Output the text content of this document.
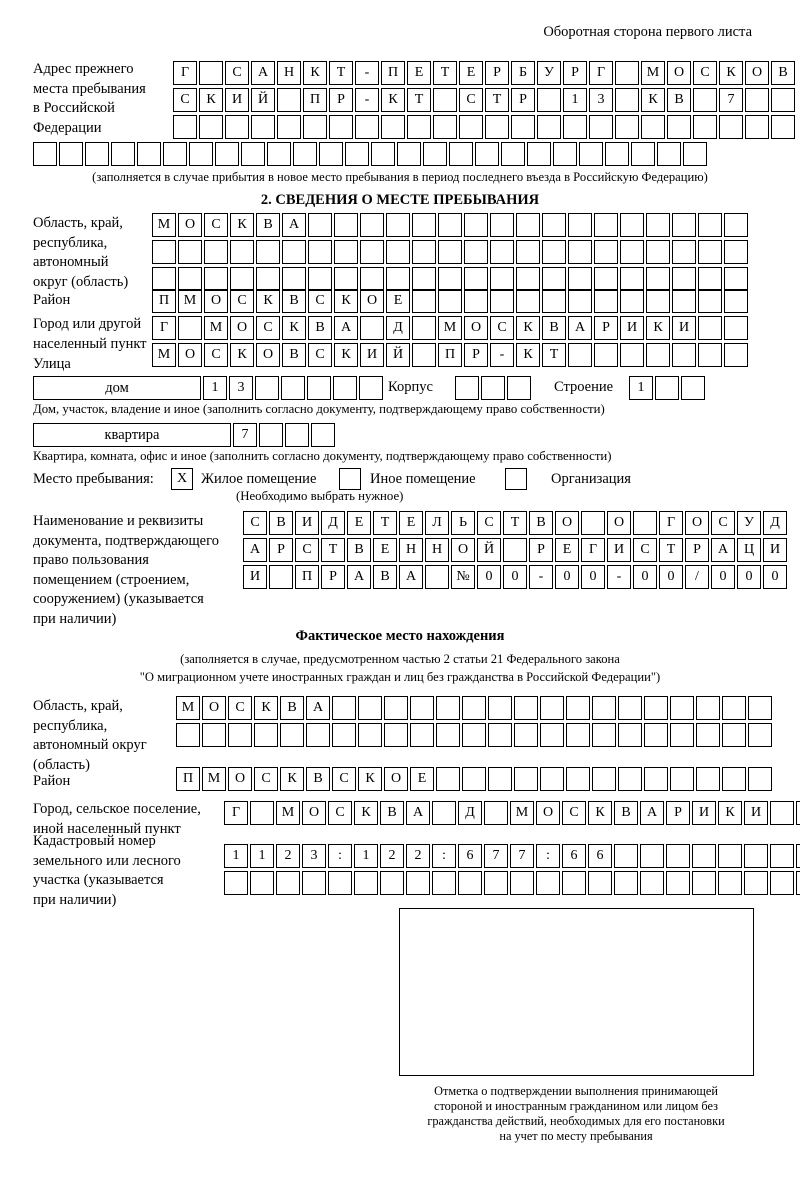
Оборотная сторона первого листа
Адрес прежнего
места пребывания
в Российской
Федерации
Г	С	А	Н	К	Т	-	П	Е	Т	Е	Р	Б	У	Р	Г	М	О	С	К	О	В
С	К	И	Й	П	Р	-	К	Т	С	Т	Р	1	3	К	В	7
(заполняется в случае прибытия в новое место пребывания в период последнего въезда в Российскую Федерацию)
2. СВЕДЕНИЯ О МЕСТЕ ПРЕБЫВАНИЯ
Область, край,
республика,
автономный
округ (область)
М	О	С	К	В	А
Район	П	М	О	С	К	В	С	К	О	Е
Город или другой
населенный пункт
Г	М	О	С	К	В	А	Д	М	О	С	К	В	А	Р	И	К	И
Улица
М	О	С	К	О	В	С	К	И	Й	П	Р	-	К	Т
дом	1	3	Корпус	Строение	1
Дом, участок, владение и иное (заполнить согласно документу, подтверждающему право собственности)
квартира	7
Квартира, комната, офис и иное (заполнить согласно документу, подтверждающему право собственности)
Место пребывания:	X Жилое помещение	Иное помещение	Организация
(Необходимо выбрать нужное)
Наименование и реквизиты
документа, подтверждающего
право пользования
помещением (строением,
сооружением) (указывается
при наличии)
С	В	И	Д	Е	Т	Е	Л	Ь	С	Т	В	О	О	Г	О	С	У	Д
А	Р	С	Т	В	Е	Н	Н	О	Й	Р	Е	Г	И	С	Т	Р	А	Ц	И
И	П	Р	А	В	А	№	0	0	-	0	0	-	0	0	/	0	0	0
Фактическое место нахождения
(заполняется в случае, предусмотренном частью 2 статьи 21 Федерального закона
"О миграционном учете иностранных граждан и лиц без гражданства в Российской Федерации")
Область, край,
республика,
автономный округ
(область)
М	О	С	К	В	А
Район	П	М	О	С	К	В	С	К	О	Е
Город, сельское поселение,
иной населенный пункт
Г	М	О	С	К	В	А	Д	М	О	С	К	В	А	Р	И	К	И
Кадастровый номер
земельного или лесного
участка (указывается
при наличии)
1	1	2	3	:	1	2	2	:	6	7	7	:	6	6
Отметка о подтверждении выполнения принимающей
стороной и иностранным гражданином или лицом без
гражданства действий, необходимых для его постановки
на учет по месту пребывания
